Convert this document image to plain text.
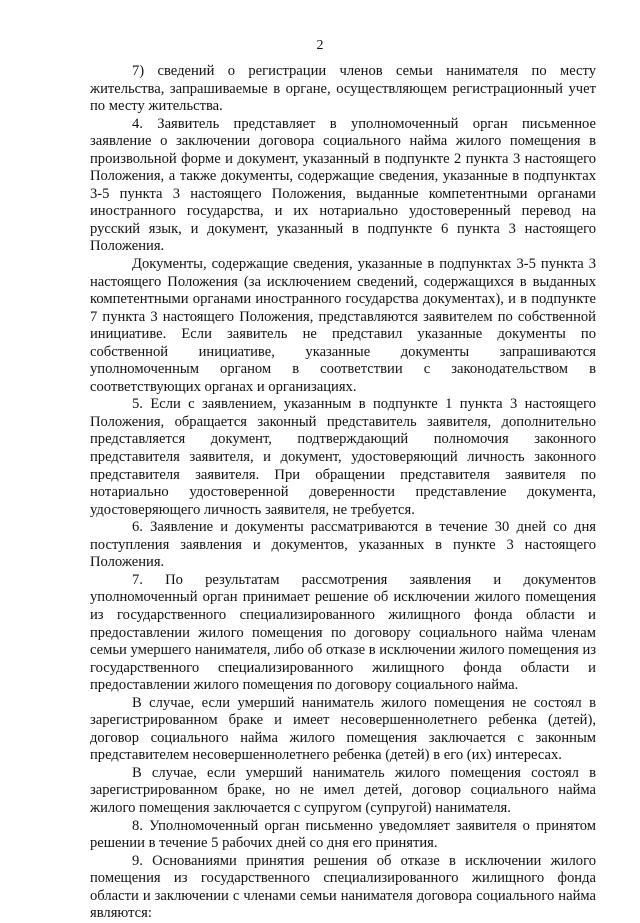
2

7) сведений о регистрации членов семьи нанимателя по месту жительства, запрашиваемые в органе, осуществляющем регистрационный учет по месту жительства.

4. Заявитель представляет в уполномоченный орган письменное заявление о заключении договора социального найма жилого помещения в произвольной форме и документ, указанный в подпункте 2 пункта 3 настоящего Положения, а также документы, содержащие сведения, указанные в подпунктах 3-5 пункта 3 настоящего Положения, выданные компетентными органами иностранного государства, и их нотариально удостоверенный перевод на русский язык, и документ, указанный в подпункте 6 пункта 3 настоящего Положения.

Документы, содержащие сведения, указанные в подпунктах 3-5 пункта 3 настоящего Положения (за исключением сведений, содержащихся в выданных компетентными органами иностранного государства документах), и в подпункте 7 пункта 3 настоящего Положения, представляются заявителем по собственной инициативе. Если заявитель не представил указанные документы по собственной инициативе, указанные документы запрашиваются уполномоченным органом в соответствии с законодательством в соответствующих органах и организациях.

5. Если с заявлением, указанным в подпункте 1 пункта 3 настоящего Положения, обращается законный представитель заявителя, дополнительно представляется документ, подтверждающий полномочия законного представителя заявителя, и документ, удостоверяющий личность законного представителя заявителя. При обращении представителя заявителя по нотариально удостоверенной доверенности представление документа, удостоверяющего личность заявителя, не требуется.

6. Заявление и документы рассматриваются в течение 30 дней со дня поступления заявления и документов, указанных в пункте 3 настоящего Положения.

7. По результатам рассмотрения заявления и документов уполномоченный орган принимает решение об исключении жилого помещения из государственного специализированного жилищного фонда области и предоставлении жилого помещения по договору социального найма членам семьи умершего нанимателя, либо об отказе в исключении жилого помещения из государственного специализированного жилищного фонда области и предоставлении жилого помещения по договору социального найма.

В случае, если умерший наниматель жилого помещения не состоял в зарегистрированном браке и имеет несовершеннолетнего ребенка (детей), договор социального найма жилого помещения заключается с законным представителем несовершеннолетнего ребенка (детей) в его (их) интересах.

В случае, если умерший наниматель жилого помещения состоял в зарегистрированном браке, но не имел детей, договор социального найма жилого помещения заключается с супругом (супругой) нанимателя.

8. Уполномоченный орган письменно уведомляет заявителя о принятом решении в течение 5 рабочих дней со дня его принятия.

9. Основаниями принятия решения об отказе в исключении жилого помещения из государственного специализированного жилищного фонда области и заключении с членами семьи нанимателя договора социального найма являются:
